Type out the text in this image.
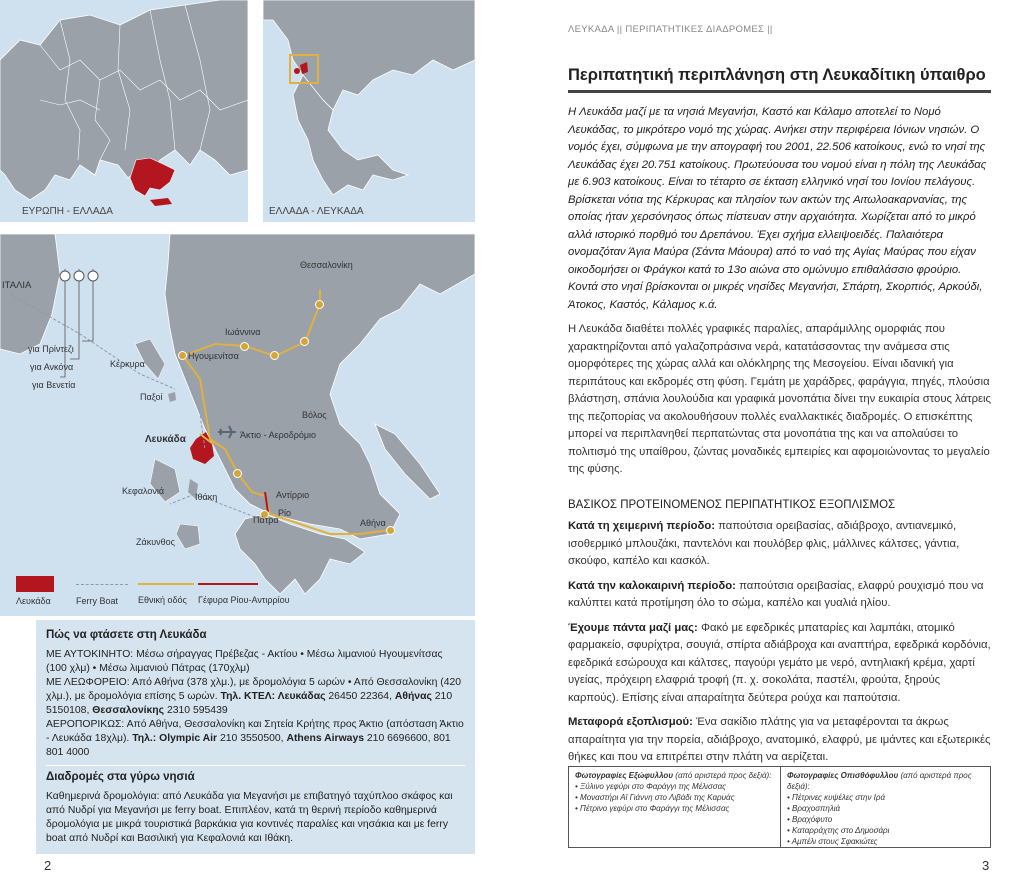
ΕΥΡΩΠΗ - ΕΛΛΑΔΑ	ΕΛΛΑΔΑ - ΛΕΥΚΑΔΑ
ΙΤΑΛΙΑ
για Πρίντεζι
για Ανκόνα
για Βενετία
Κέρκυρα
Παξοί
Λευκάδα
Κεφαλονιά
Ιθάκη
Ζάκυνθος
Ιωάννινα
Ηγουμενίτσα
Θεσσαλονίκη
Βόλος
Άκτιο - Αεροδρόμιο
Αντίρριο
Ρίο
Πάτρα	Αθήνα
Λευκάδα	Ferry Boat	Εθνική οδός	Γέφυρα Ρίου-Αντιρρίου
Πώς να φτάσετε στη Λευκάδα

ΜΕ ΑΥΤΟΚΙΝΗΤΟ: Μέσω σήραγγας Πρέβεζας - Ακτίου • Μέσω λιμανιού Ηγουμενίτσας (100 χλμ) • Μέσω λιμανιού Πάτρας (170χλμ)

ΜΕ ΛΕΩΦΟΡΕΙΟ: Από Αθήνα (378 χλμ.), με δρομολόγια 5 ωρών • Από Θεσσαλονίκη (420 χλμ.), με δρομολόγια επίσης 5 ωρών. Τηλ. ΚΤΕΛ: Λευκάδας 26450 22364, Αθήνας 210 5150108, Θεσσαλονίκης 2310 595439

ΑΕΡΟΠΟΡΙΚΩΣ: Από Αθήνα, Θεσσαλονίκη και Σητεία Κρήτης προς Άκτιο (απόσταση Άκτιο - Λευκάδα 18χλμ). Τηλ.: Olympic Air 210 3550500, Athens Airways 210 6696600, 801 801 4000

Διαδρομές στα γύρω νησιά

Καθημερινά δρομολόγια: από Λευκάδα για Μεγανήσι με επιβατηγό ταχύπλοο σκάφος και από Νυδρί για Μεγανήσι με ferry boat. Επιπλέον, κατά τη θερινή περίοδο καθημερινά δρομολόγια με μικρά τουριστικά βαρκάκια για κοντινές παραλίες και νησάκια και με ferry boat από Νυδρί και Βασιλική για Κεφαλονιά και Ιθάκη.

2
ΛΕΥΚΑΔΑ || ΠΕΡΙΠΑΤΗΤΙΚΕΣ ΔΙΑΔΡΟΜΕΣ ||
Περιπατητική περιπλάνηση στη Λευκαδίτικη ύπαιθρο
Η Λευκάδα μαζί με τα νησιά Μεγανήσι, Καστό και Κάλαμο αποτελεί το Νομό Λευκάδας, το μικρότερο νομό της χώρας. Ανήκει στην περιφέρεια Ιόνιων νησιών. Ο νομός έχει, σύμφωνα με την απογραφή του 2001, 22.506 κατοίκους, ενώ το νησί της Λευκάδας έχει 20.751 κατοίκους. Πρωτεύουσα του νομού είναι η πόλη της Λευκάδας με 6.903 κατοίκους. Είναι το τέταρτο σε έκταση ελληνικό νησί του Ιονίου πελάγους. Βρίσκεται νότια της Κέρκυρας και πλησίον των ακτών της Αιτωλοακαρνανίας, της οποίας ήταν χερσόνησος όπως πίστευαν στην αρχαιότητα. Χωρίζεται από το μικρό αλλά ιστορικό πορθμό του Δρεπάνου. Έχει σχήμα ελλειψοειδές. Παλαιότερα ονομαζόταν Άγια Μαύρα (Σάντα Μάουρα) από το ναό της Αγίας Μαύρας που είχαν οικοδομήσει οι Φράγκοι κατά το 13ο αιώνα στο ομώνυμο επιθαλάσσιο φρούριο. Κοντά στο νησί βρίσκονται οι μικρές νησίδες Μεγανήσι, Σπάρτη, Σκορπιός, Αρκούδι, Άτοκος, Καστός, Κάλαμος κ.ά.
Η Λευκάδα διαθέτει πολλές γραφικές παραλίες, απαράμιλλης ομορφιάς που χαρακτηρίζονται από γαλαζοπράσινα νερά, κατατάσσοντας την ανάμεσα στις ομορφότερες της χώρας αλλά και ολόκληρης της Μεσογείου. Είναι ιδανική για περιπάτους και εκδρομές στη φύση. Γεμάτη με χαράδρες, φαράγγια, πηγές, πλούσια βλάστηση, σπάνια λουλούδια και γραφικά μονοπάτια δίνει την ευκαιρία στους λάτρεις της πεζοπορίας να ακολουθήσουν πολλές εναλλακτικές διαδρομές. Ο επισκέπτης μπορεί να περιπλανηθεί περπατώντας στα μονοπάτια της και να απολαύσει το πολιτισμό της υπαίθρου, ζώντας μοναδικές εμπειρίες και αφομοιώνοντας το μεγαλείο της φύσης.
ΒΑΣΙΚΟΣ ΠΡΟΤΕΙΝΟΜΕΝΟΣ ΠΕΡΙΠΑΤΗΤΙΚΟΣ ΕΞΟΠΛΙΣΜΟΣ

Κατά τη χειμερινή περίοδο: παπούτσια ορειβασίας, αδιάβροχο, αντιανεμικό, ισοθερμικό μπλουζάκι, παντελόνι και πουλόβερ φλις, μάλλινες κάλτσες, γάντια, σκούφο, καπέλο και κασκόλ.

Κατά την καλοκαιρινή περίοδο: παπούτσια ορειβασίας, ελαφρύ ρουχισμό που να καλύπτει κατά προτίμηση όλο το σώμα, καπέλο και γυαλιά ηλίου.

Έχουμε πάντα μαζί μας: Φακό με εφεδρικές μπαταρίες και λαμπάκι, ατομικό φαρμακείο, σφυρίχτρα, σουγιά, σπίρτα αδιάβροχα και αναπτήρα, εφεδρικά κορδόνια, εφεδρικά εσώρουχα και κάλτσες, παγούρι γεμάτο με νερό, αντηλιακή κρέμα, χαρτί υγείας, πρόχειρη ελαφριά τροφή (π. χ. σοκολάτα, παστέλι, φρούτα, ξηρούς καρπούς). Επίσης είναι απαραίτητα δεύτερα ρούχα και παπούτσια.

Μεταφορά εξοπλισμού: Ένα σακίδιο πλάτης για να μεταφέρονται τα άκρως απαραίτητα για την πορεία, αδιάβροχο, ανατομικό, ελαφρύ, με ιμάντες και εξωτερικές θήκες και που να επιτρέπει στην πλάτη να αερίζεται.

Φωτογραφίες Εξώφυλλου (από αριστερά προς δεξιά):
• Ξύλινο γεφύρι στο Φαράγγι της Μέλισσας
• Μοναστήρι Αϊ Γιάννη στο Λιβάδι της Καρυάς
• Πέτρινο γεφύρι στο Φαράγγι της Μέλισσας
Φωτογραφίες Οπισθόφυλλου (από αριστερά προς δεξιά):
• Πέτρινες κυψέλες στην Ιρά
• Βραχοσπηλιά
• Βραχόφυτο
• Καταρράχτης στο Δημοσάρι
• Αμπέλι στους Σφακιώτες
3
